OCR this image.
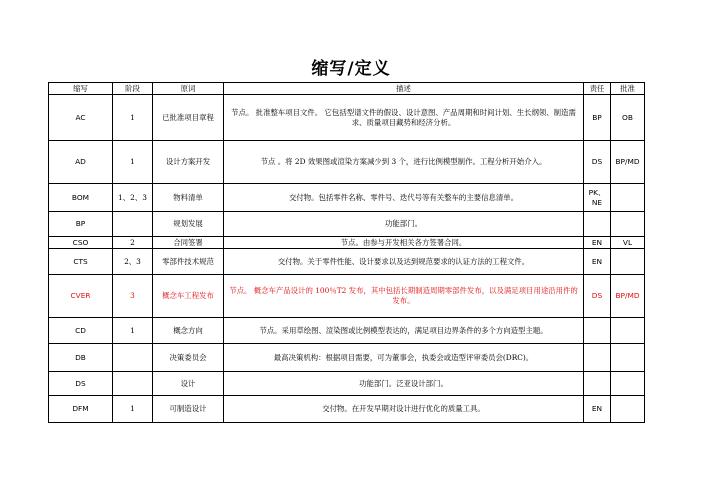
缩写/定义
缩写	阶段	原词	描述	责任	批准
AC	1	已批准项目章程	节点。 批准整车项目文件。 它包括型谱文件的假设、设计意图、产品周期和时间计划、生长纲领、制造需求、质量项目藏势和经济分析。	BP	OB
AD	1	设计方案开发	节点 。将 2D 效果图或渲染方案减少到 3 个，进行比例模型制作。工程分析开始介入。	DS	BP/MD
BOM	1、2、3	物料清单	交付物。包括零件名称、零件号、迭代号等有关整车的主要信息清单。	PK、NE	
BP		规划发展	功能部门。		
CSO	2	合同签署	节点。由参与开发相关各方签署合同。	EN	VL
CTS	2、3	零部件技术规范	交付物。关于零件性能、设计要求以及达到规范要求的认证方法的工程文件。	EN	
CVER	3	概念车工程发布	节点。 概念车产品设计的 100％T2 发布，其中包括长期制造周期零部件发布，以及满足项目用途沿用件的发布。	DS	BP/MD
CD	1	概念方向	节点。采用草绘图、渲染图或比例模型表达的，满足项目边界条件的多个方向造型主题。		
DB		决策委员会	最高决策机构：根据项目需要，可为董事会，执委会或造型评审委员会(DRC)。		
DS		设计	功能部门。泛亚设计部门。		
DFM	1	可制造设计	交付物。在开发早期对设计进行优化的质量工具。	EN	
